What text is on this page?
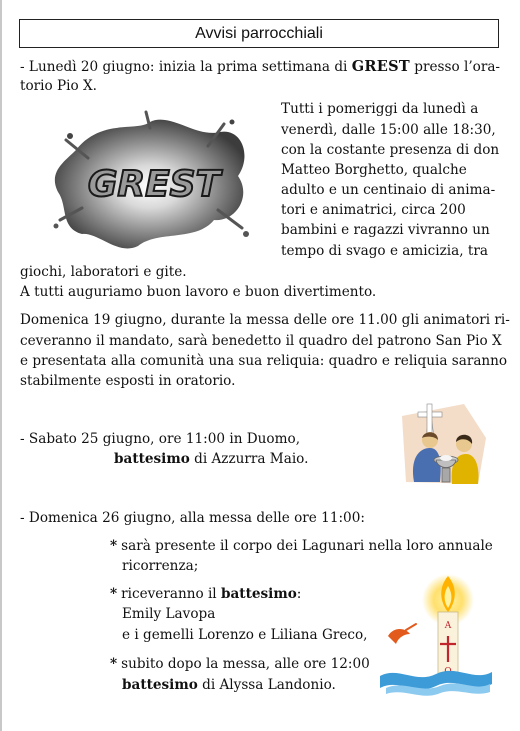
Avvisi parrocchiali
- Lunedì 20 giugno: inizia la prima settimana di GREST presso l’ora-
torio Pio X.
GREST
Tutti i pomeriggi da lunedì a
venerdì, dalle 15:00 alle 18:30,
con la costante presenza di don
Matteo Borghetto, qualche
adulto e un centinaio di anima-
tori e animatrici, circa 200
bambini e ragazzi vivranno un
tempo di svago e amicizia, tra
giochi, laboratori e gite.
A tutti auguriamo buon lavoro e buon divertimento.
Domenica 19 giugno, durante la messa delle ore 11.00 gli animatori ri-
ceveranno il mandato, sarà benedetto il quadro del patrono San Pio X
e presentata alla comunità una sua reliquia: quadro e reliquia saranno
stabilmente esposti in oratorio.
- Sabato 25 giugno, ore 11:00 in Duomo,
battesimo di Azzurra Maio.
- Domenica 26 giugno, alla messa delle ore 11:00:
* sarà presente il corpo dei Lagunari nella loro annuale
ricorrenza;
* riceveranno il battesimo:
Emily Lavopa
e i gemelli Lorenzo e Liliana Greco,
* subito dopo la messa, alle ore 12:00
battesimo di Alyssa Landonio.
A
